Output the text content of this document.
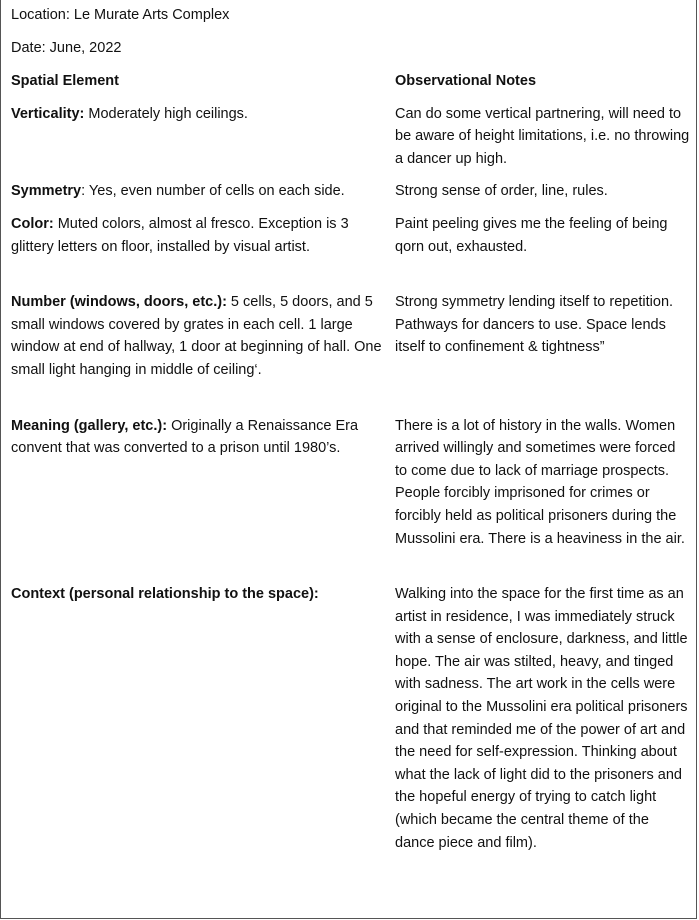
Location: Le Murate Arts Complex
Date: June, 2022
Spatial Element	Observational Notes
Verticality: Moderately high ceilings.	Can do some vertical partnering, will need to be aware of height limitations, i.e. no throwing a dancer up high.
Symmetry: Yes, even number of cells on each side.	Strong sense of order, line, rules.
Color: Muted colors, almost al fresco. Exception is 3 glittery letters on floor, installed by visual artist.	Paint peeling gives me the feeling of being qorn out, exhausted.
Number (windows, doors, etc.): 5 cells, 5 doors, and 5 small windows covered by grates in each cell. 1 large window at end of hallway, 1 door at beginning of hall. One small light hanging in middle of ceiling‘.	Strong symmetry lending itself to repetition. Pathways for dancers to use. Space lends itself to confinement & tightness”
Meaning (gallery, etc.): Originally a Renaissance Era convent that was converted to a prison until 1980’s.	There is a lot of history in the walls. Women arrived willingly and sometimes were forced to come due to lack of marriage prospects. People forcibly imprisoned for crimes or forcibly held as political prisoners during the Mussolini era. There is a heaviness in the air.
Context (personal relationship to the space):	Walking into the space for the first time as an artist in residence, I was immediately struck with a sense of enclosure, darkness, and little hope. The air was stilted, heavy, and tinged with sadness. The art work in the cells were original to the Mussolini era political prisoners and that reminded me of the power of art and the need for self-expression. Thinking about what the lack of light did to the prisoners and the hopeful energy of trying to catch light (which became the central theme of the dance piece and film).
